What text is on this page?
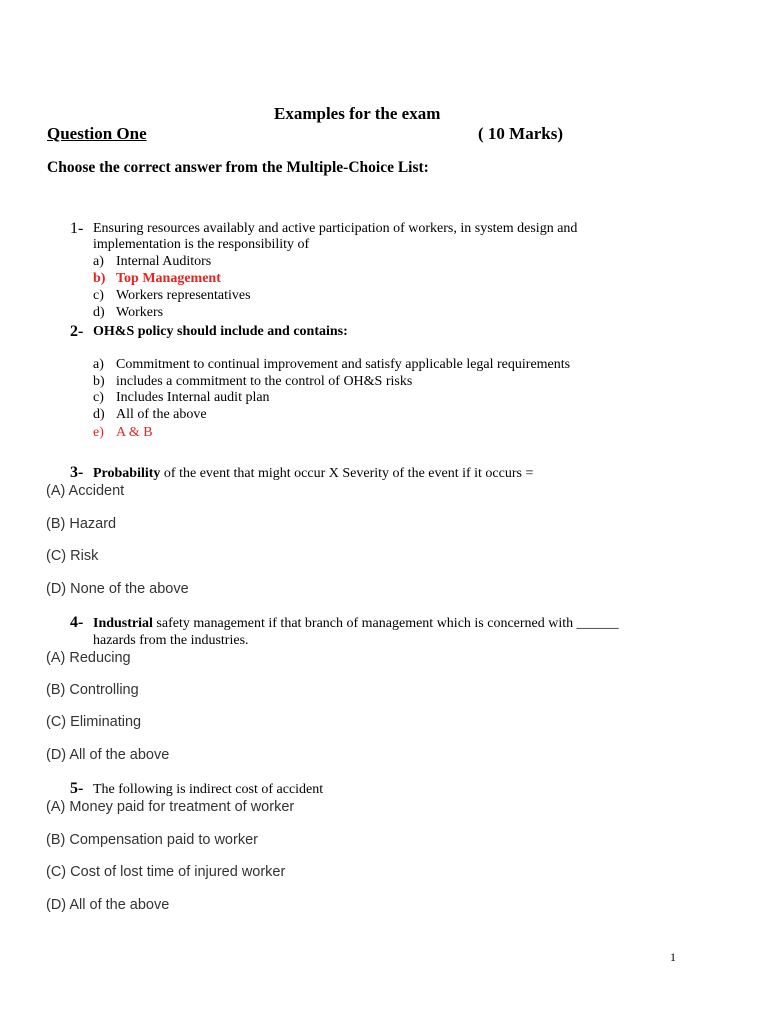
Examples for the exam
Question One	( 10 Marks)
Choose the correct answer from the Multiple-Choice List:
1- Ensuring resources availably and active participation of workers, in system design and
implementation is the responsibility of
a) Internal Auditors
b) Top Management
c) Workers representatives
d) Workers
2- OH&S policy should include and contains:
a) Commitment to continual improvement and satisfy applicable legal requirements
b) includes a commitment to the control of OH&S risks
c) Includes Internal audit plan
d) All of the above
e) A & B
3- Probability of the event that might occur X Severity of the event if it occurs =
(A) Accident
(B) Hazard
(C) Risk
(D) None of the above
4- Industrial safety management if that branch of management which is concerned with ______
hazards from the industries.
(A) Reducing
(B) Controlling
(C) Eliminating
(D) All of the above
5- The following is indirect cost of accident
(A) Money paid for treatment of worker
(B) Compensation paid to worker
(C) Cost of lost time of injured worker
(D) All of the above
1
